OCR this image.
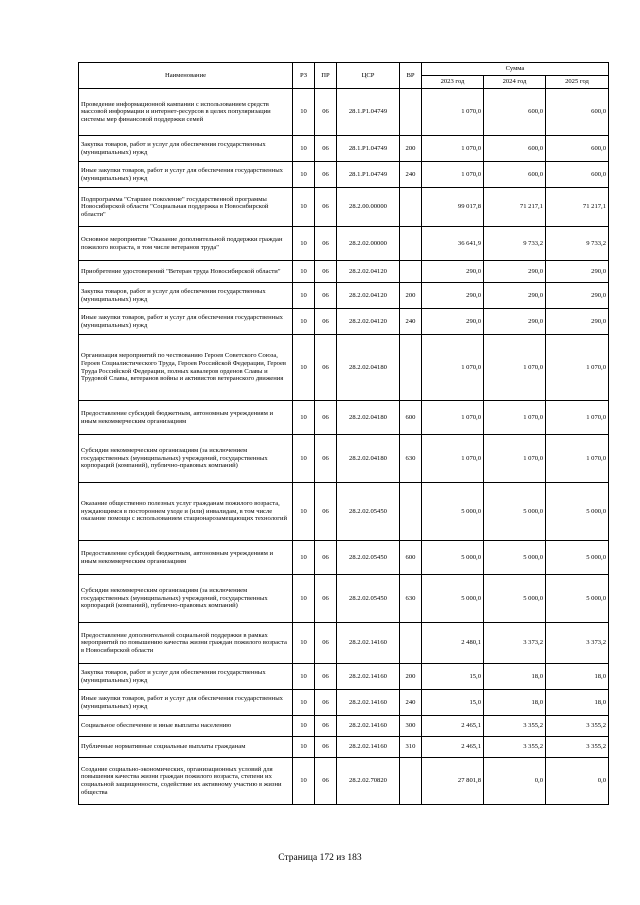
Наименование	РЗ	ПР	ЦСР	ВР	Сумма		
					2023 год	2024 год	2025 год
Проведение информационной кампании с использованием средств массовой информации и интернет-ресурсов в целях популяризации системы мер финансовой поддержки семей	10	06	28.1.Р1.04749		1 070,0	600,0	600,0
Закупка товаров, работ и услуг для обеспечения государственных (муниципальных) нужд	10	06	28.1.Р1.04749	200	1 070,0	600,0	600,0
Иные закупки товаров, работ и услуг для обеспечения государственных (муниципальных) нужд	10	06	28.1.Р1.04749	240	1 070,0	600,0	600,0
Подпрограмма "Старшее поколение" государственной программы Новосибирской области "Социальная поддержка в Новосибирской области"	10	06	28.2.00.00000		99 017,8	71 217,1	71 217,1
Основное мероприятие "Оказание дополнительной поддержки граждан пожилого возраста, в том числе ветеранов труда"	10	06	28.2.02.00000		36 641,9	9 733,2	9 733,2
Приобретение удостоверений "Ветеран труда Новосибирской области"	10	06	28.2.02.04120		290,0	290,0	290,0
Закупка товаров, работ и услуг для обеспечения государственных (муниципальных) нужд	10	06	28.2.02.04120	200	290,0	290,0	290,0
Иные закупки товаров, работ и услуг для обеспечения государственных (муниципальных) нужд	10	06	28.2.02.04120	240	290,0	290,0	290,0
Организация мероприятий по чествованию Героев Советского Союза, Героев Социалистического Труда, Героев Российской Федерации, Героев Труда Российской Федерации, полных кавалеров орденов Славы и Трудовой Славы, ветеранов войны и активистов ветеранского движения	10	06	28.2.02.04180		1 070,0	1 070,0	1 070,0
Предоставление субсидий бюджетным, автономным учреждениям и иным некоммерческим организациям	10	06	28.2.02.04180	600	1 070,0	1 070,0	1 070,0
Субсидии некоммерческим организациям (за исключением государственных (муниципальных) учреждений, государственных корпораций (компаний), публично-правовых компаний)	10	06	28.2.02.04180	630	1 070,0	1 070,0	1 070,0
Оказание общественно полезных услуг гражданам пожилого возраста, нуждающимся в постороннем уходе и (или) инвалидам, в том числе оказание помощи с использованием стационарозамещающих технологий	10	06	28.2.02.05450		5 000,0	5 000,0	5 000,0
Предоставление субсидий бюджетным, автономным учреждениям и иным некоммерческим организациям	10	06	28.2.02.05450	600	5 000,0	5 000,0	5 000,0
Субсидии некоммерческим организациям (за исключением государственных (муниципальных) учреждений, государственных корпораций (компаний), публично-правовых компаний)	10	06	28.2.02.05450	630	5 000,0	5 000,0	5 000,0
Предоставление дополнительной социальной поддержки в рамках мероприятий по повышению качества жизни граждан пожилого возраста в Новосибирской области	10	06	28.2.02.14160		2 480,1	3 373,2	3 373,2
Закупка товаров, работ и услуг для обеспечения государственных (муниципальных) нужд	10	06	28.2.02.14160	200	15,0	18,0	18,0
Иные закупки товаров, работ и услуг для обеспечения государственных (муниципальных) нужд	10	06	28.2.02.14160	240	15,0	18,0	18,0
Социальное обеспечение и иные выплаты населению	10	06	28.2.02.14160	300	2 465,1	3 355,2	3 355,2
Публичные нормативные социальные выплаты гражданам	10	06	28.2.02.14160	310	2 465,1	3 355,2	3 355,2
Создание социально-экономических, организационных условий для повышения качества жизни граждан пожилого возраста, степени их социальной защищенности, содействие их активному участию в жизни общества	10	06	28.2.02.70820		27 801,8	0,0	0,0
Страница 172 из 183
